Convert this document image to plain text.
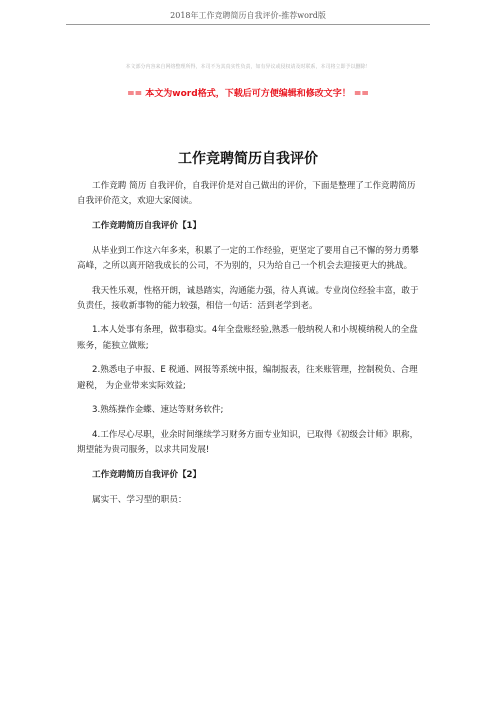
2018年工作竞聘简历自我评价-推荐word版
本文部分内容来自网络整理所得，本司不为其真实性负责，如有异议或侵权请及时联系，本司将立即予以删除！
== 本文为word格式，下载后可方便编辑和修改文字！ ==
工作竞聘简历自我评价

工作竞聘 简历 自我评价，自我评价是对自己做出的评价，下面是整理了工作竞聘简历自我评价范文，欢迎大家阅读。

工作竞聘简历自我评价【1】

从毕业到工作这六年多来，积累了一定的工作经验，更坚定了要用自己不懈的努力勇攀高峰，之所以离开陪我成长的公司，不为别的，只为给自己一个机会去迎接更大的挑战。

我天性乐观，性格开朗，诚恳踏实，沟通能力强，待人真诚。专业岗位经验丰富，敢于负责任，接收新事物的能力较强，相信一句话：活到老学到老。

1.本人处事有条理，做事稳实。4年全盘账经验,熟悉一般纳税人和小规模纳税人的全盘账务，能独立做账;

2.熟悉电子申报、E 税通、网报等系统申报，编制报表，往来账管理，控制税负、合理避税， 为企业带来实际效益;

3.熟练操作金蝶、速达等财务软件;

4.工作尽心尽职，业余时间继续学习财务方面专业知识，已取得《初级会计师》职称，期望能为贵司服务，以求共同发展!

工作竞聘简历自我评价【2】

属实干、学习型的职员：
